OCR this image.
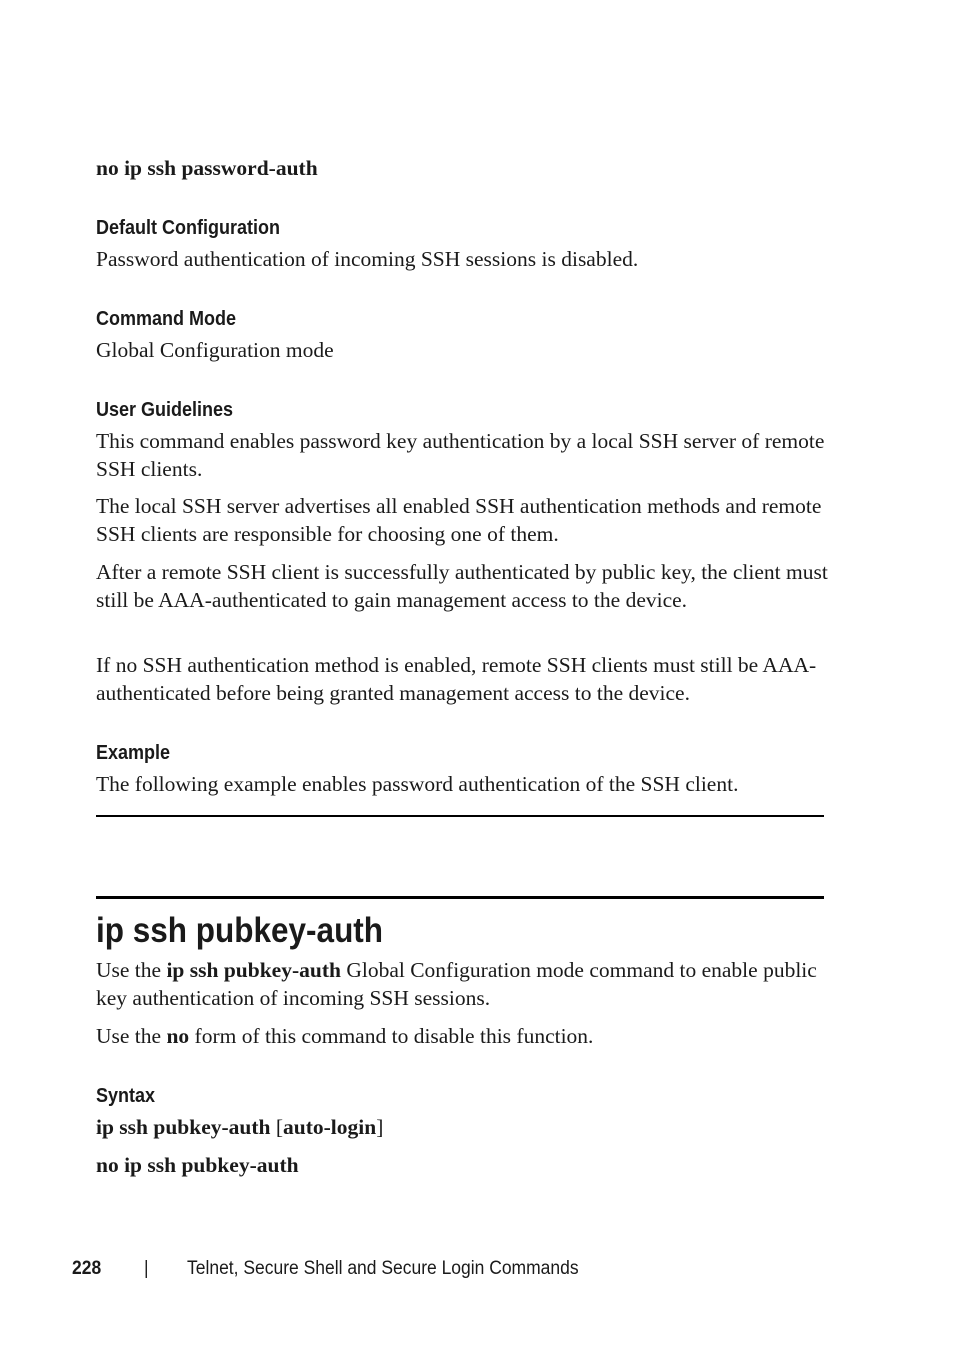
no ip ssh password-auth
Default Configuration

Password authentication of incoming SSH sessions is disabled.

Command Mode

Global Configuration mode

User Guidelines

This command enables password key authentication by a local SSH server of remote SSH clients.

The local SSH server advertises all enabled SSH authentication methods and remote SSH clients are responsible for choosing one of them.

After a remote SSH client is successfully authenticated by public key, the client must still be AAA-authenticated to gain management access to the device.

If no SSH authentication method is enabled, remote SSH clients must still be AAA-authenticated before being granted management access to the device.

Example

The following example enables password authentication of the SSH client.

ip ssh pubkey-auth

Use the ip ssh pubkey-auth Global Configuration mode command to enable public key authentication of incoming SSH sessions.

Use the no form of this command to disable this function.

Syntax
ip ssh pubkey-auth [auto-login]
no ip ssh pubkey-auth
228 | Telnet, Secure Shell and Secure Login Commands
